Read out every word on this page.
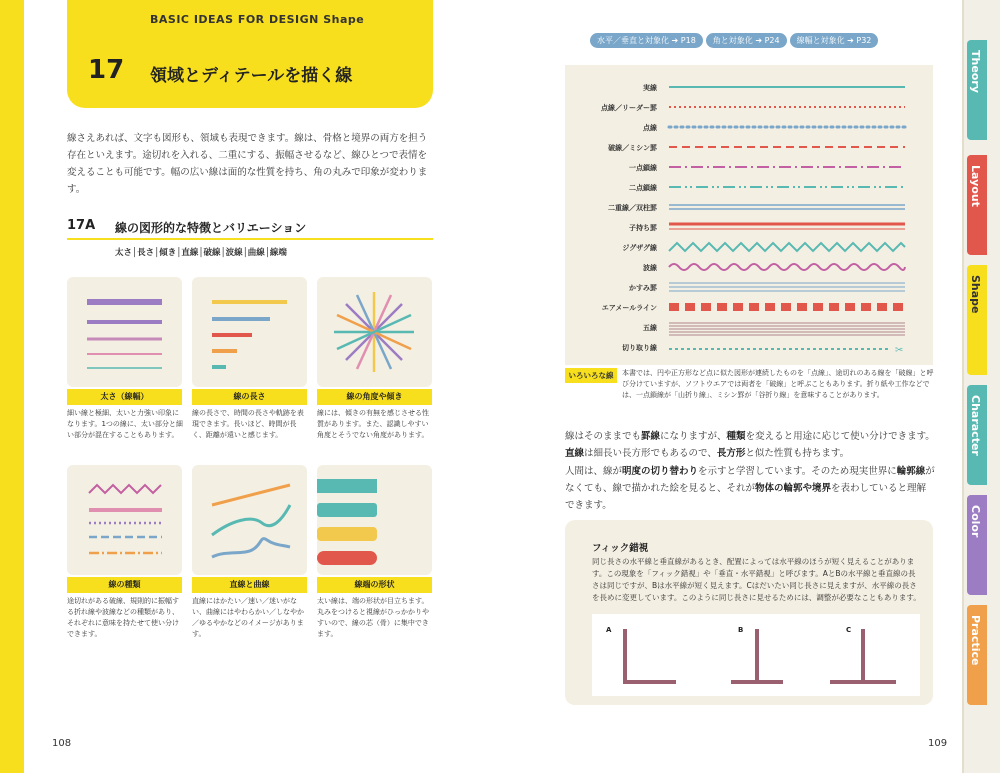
BASIC IDEAS FOR DESIGN Shape
17 領域とディテールを描く線
線さえあれば、文字も図形も、領域も表現できます。線は、骨格と境界の両方を担う存在といえます。途切れを入れる、二重にする、振幅させるなど、線ひとつで表情を変えることも可能です。幅の広い線は面的な性質を持ち、角の丸みで印象が変わります。
17A 線の図形的な特徴とバリエーション
太さ│長さ│傾き│直線│破線│波線│曲線│線端
太さ（線幅）
細い線と極細、太いと力強い印象になります。1つの線に、太い部分と細い部分が混在することもあります。
線の長さ
線の長さで、時間の長さや軌跡を表現できます。長いほど、時間が長く、距離が遠いと感じます。
線の角度や傾き
線には、傾きの有無を感じさせる性質があります。また、認識しやすい角度とそうでない角度があります。
線の種類
途切れがある破線、規則的に振幅する折れ線や波線などの種類があり、それぞれに意味を持たせて使い分けできます。
直線と曲線
直線にはかたい／速い／迷いがない、曲線にはやわらかい／しなやか／ゆるやかなどのイメージがあります。
線端の形状
太い線は、端の形状が目立ちます。丸みをつけると視線がひっかかりやすいので、線の芯（骨）に集中できます。
108
水平／垂直と対象化 ➔ P18 角と対象化 ➔ P24 線幅と対象化 ➔ P32
実線
点線／リーダー罫
点線
破線／ミシン罫
一点鎖線
二点鎖線
二重線／双柱罫
子持ち罫
ジグザグ線
波線
かすみ罫
エアメールライン
五線
切り取り線	✂
いろいろな線	本書では、円や正方形など点に似た図形が連続したものを「点線」、途切れのある線を「破線」と呼び分けていますが、ソフトウエアでは両者を「破線」と呼ぶこともあります。折り紙や工作などでは、一点鎖線が「山折り線」、ミシン罫が「谷折り線」を意味することがあります。
線はそのままでも罫線になりますが、種類を変えると用途に応じて使い分けできます。直線は細長い長方形でもあるので、長方形と似た性質も持ちます。
人間は、線が明度の切り替わりを示すと学習しています。そのため現実世界に輪郭線がなくても、線で描かれた絵を見ると、それが物体の輪郭や境界を表わしていると理解できます。
フィック錯視
同じ長さの水平線と垂直線があるとき、配置によっては水平線のほうが短く見えることがあります。この現象を「フィック錯視」や「垂直・水平錯視」と呼びます。AとBの水平線と垂直線の長さは同じですが、Bは水平線が短く見えます。Cはだいたい同じ長さに見えますが、水平線の長さを長めに変更しています。このように同じ長さに見せるためには、調整が必要なこともあります。
A	B	C
109
Theory
Layout
Shape
Character
Color
Practice
